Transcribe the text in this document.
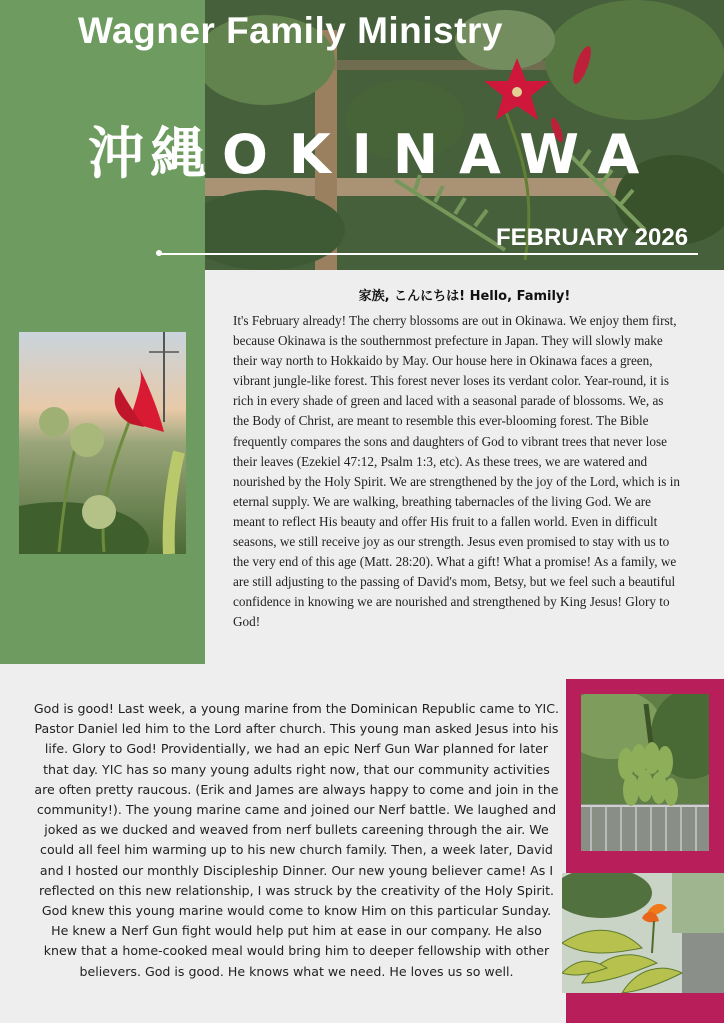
Wagner Family Ministry
沖縄 OKINAWA
FEBRUARY 2026
家族, こんにちは! Hello, Family!
It's February already! The cherry blossoms are out in Okinawa. We enjoy them first, because Okinawa is the southernmost prefecture in Japan. They will slowly make their way north to Hokkaido by May. Our house here in Okinawa faces a green, vibrant jungle-like forest. This forest never loses its verdant color. Year-round, it is rich in every shade of green and laced with a seasonal parade of blossoms. We, as the Body of Christ, are meant to resemble this ever-blooming forest. The Bible frequently compares the sons and daughters of God to vibrant trees that never lose their leaves (Ezekiel 47:12, Psalm 1:3, etc). As these trees, we are watered and nourished by the Holy Spirit. We are strengthened by the joy of the Lord, which is in eternal supply. We are walking, breathing tabernacles of the living God. We are meant to reflect His beauty and offer His fruit to a fallen world. Even in difficult seasons, we still receive joy as our strength. Jesus even promised to stay with us to the very end of this age (Matt. 28:20). What a gift! What a promise! As a family, we are still adjusting to the passing of David's mom, Betsy, but we feel such a beautiful confidence in knowing we are nourished and strengthened by King Jesus! Glory to God!
God is good! Last week, a young marine from the Dominican Republic came to YIC. Pastor Daniel led him to the Lord after church. This young man asked Jesus into his life. Glory to God! Providentially, we had an epic Nerf Gun War planned for later that day. YIC has so many young adults right now, that our community activities are often pretty raucous. (Erik and James are always happy to come and join in the community!). The young marine came and joined our Nerf battle. We laughed and joked as we ducked and weaved from nerf bullets careening through the air. We could all feel him warming up to his new church family. Then, a week later, David and I hosted our monthly Discipleship Dinner. Our new young believer came! As I reflected on this new relationship, I was struck by the creativity of the Holy Spirit. God knew this young marine would come to know Him on this particular Sunday. He knew a Nerf Gun fight would help put him at ease in our company. He also knew that a home-cooked meal would bring him to deeper fellowship with other believers. God is good. He knows what we need. He loves us so well.
